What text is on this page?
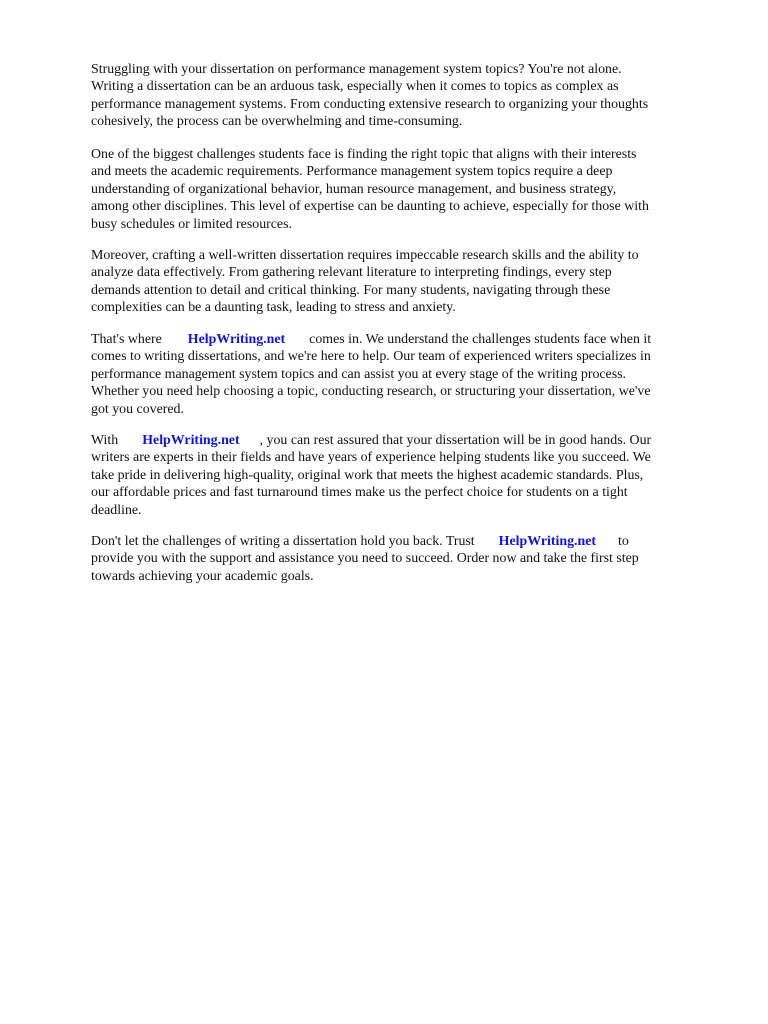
Struggling with your dissertation on performance management system topics? You're not alone.
Writing a dissertation can be an arduous task, especially when it comes to topics as complex as
performance management systems. From conducting extensive research to organizing your thoughts
cohesively, the process can be overwhelming and time-consuming.
One of the biggest challenges students face is finding the right topic that aligns with their interests
and meets the academic requirements. Performance management system topics require a deep
understanding of organizational behavior, human resource management, and business strategy,
among other disciplines. This level of expertise can be daunting to achieve, especially for those with
busy schedules or limited resources.
Moreover, crafting a well-written dissertation requires impeccable research skills and the ability to
analyze data effectively. From gathering relevant literature to interpreting findings, every step
demands attention to detail and critical thinking. For many students, navigating through these
complexities can be a daunting task, leading to stress and anxiety.
That's where HelpWriting.net comes in. We understand the challenges students face when it
comes to writing dissertations, and we're here to help. Our team of experienced writers specializes in
performance management system topics and can assist you at every stage of the writing process.
Whether you need help choosing a topic, conducting research, or structuring your dissertation, we've
got you covered.
With HelpWriting.net , you can rest assured that your dissertation will be in good hands. Our
writers are experts in their fields and have years of experience helping students like you succeed. We
take pride in delivering high-quality, original work that meets the highest academic standards. Plus,
our affordable prices and fast turnaround times make us the perfect choice for students on a tight
deadline.
Don't let the challenges of writing a dissertation hold you back. Trust HelpWriting.net to
provide you with the support and assistance you need to succeed. Order now and take the first step
towards achieving your academic goals.
